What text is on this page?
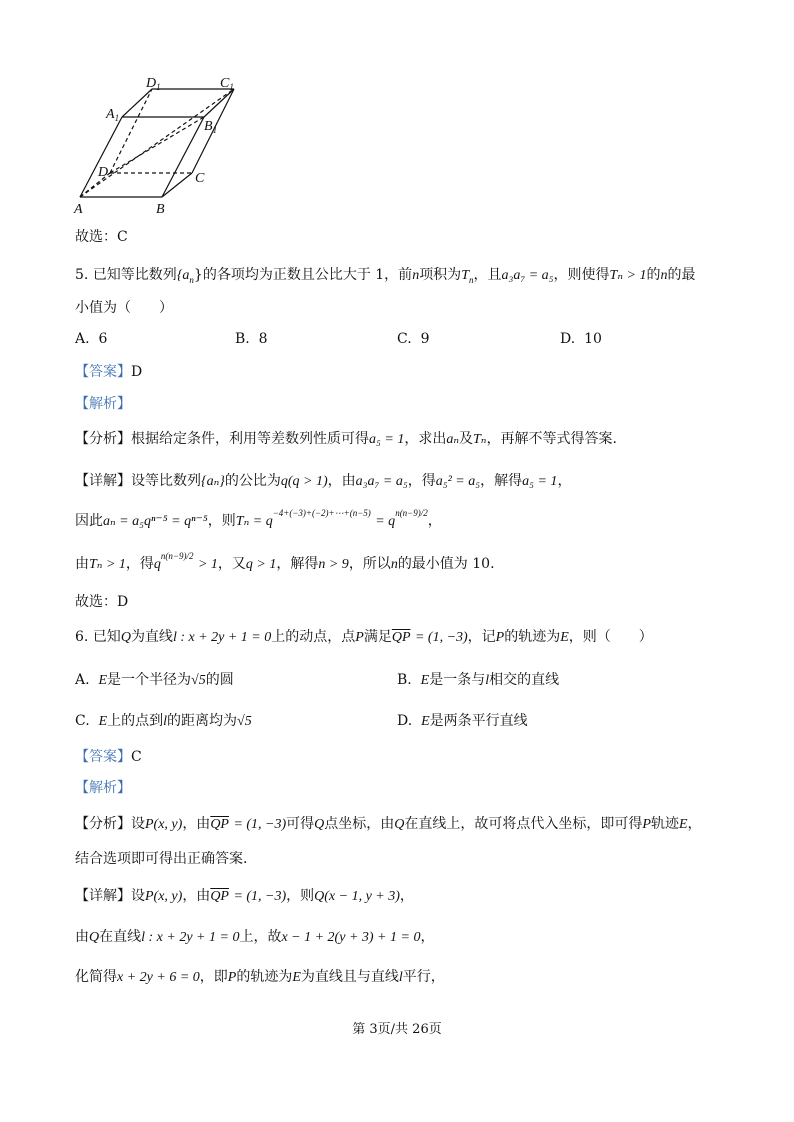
$D_1$	$C_1$
$A_1$
$B_1$
D	C
A	B
故选：C
5. 已知等比数列$\{a_n\}$的各项均为正数且公比大于 1，前n项积为$T_n$，且a₃a₇ = a₅，则使得Tₙ > 1的n的最
小值为（　　）
A. 6	B. 8	C. 9	D. 10
【答案】D
【解析】
【分析】根据给定条件，利用等差数列性质可得a₅ = 1，求出aₙ及Tₙ，再解不等式得答案.
【详解】设等比数列{aₙ}的公比为q(q > 1)，由a₃a₇ = a₅，得a₅² = a₅，解得a₅ = 1，
因此aₙ = a₅qⁿ⁻⁵ = qⁿ⁻⁵，则$T_n = q^{-4+(-3)+(-2)+\cdots+(n-5)} = q^{n(n-9)/2}$，
由Tₙ > 1，得$q^{n(n-9)/2} > 1$，又q > 1，解得n > 9，所以n的最小值为 10.
故选：D
6. 已知Q为直线l : x + 2y + 1 = 0上的动点，点P满足$\overline{QP} = (1$, −3)，记P的轨迹为E，则（　　）
A. E是一个半径为√5的圆	B. E是一条与l相交的直线
C. E上的点到l的距离均为√5	D. E是两条平行直线
【答案】C
【解析】
【分析】设P(x, y)，由$\overline{QP} = (1$, −3)可得Q点坐标，由Q在直线上，故可将点代入坐标，即可得P轨迹E，
结合选项即可得出正确答案.
【详解】设P(x, y)，由$\overline{QP} = (1$, −3)，则Q(x − 1, y + 3)，
由Q在直线l : x + 2y + 1 = 0上，故x − 1 + 2(y + 3) + 1 = 0，
化简得x + 2y + 6 = 0，即P的轨迹为E为直线且与直线l平行，
第 3页/共 26页
